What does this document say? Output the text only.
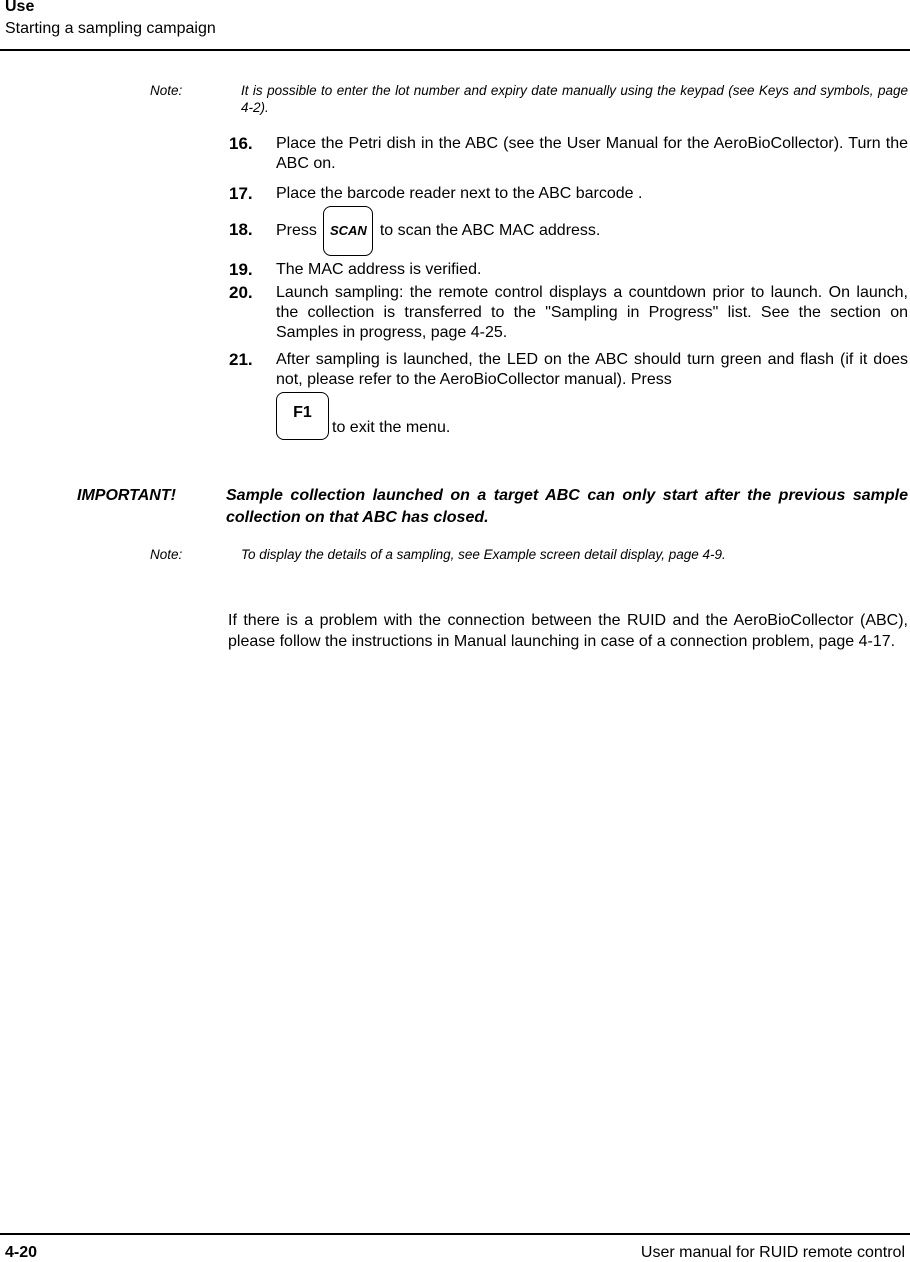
Use
Starting a sampling campaign
Note:	It is possible to enter the lot number and expiry date manually using the keypad (see Keys and symbols, page 4-2).
16. Place the Petri dish in the ABC (see the User Manual for the AeroBioCollector). Turn the ABC on.
17. Place the barcode reader next to the ABC barcode .
18. Press SCAN to scan the ABC MAC address.
19. The MAC address is verified.
20. Launch sampling: the remote control displays a countdown prior to launch. On launch, the collection is transferred to the "Sampling in Progress" list. See the section on Samples in progress, page 4-25.
21. After sampling is launched, the LED on the ABC should turn green and flash (if it does not, please refer to the AeroBioCollector manual). Press
F1to exit the menu.
IMPORTANT!	Sample collection launched on a target ABC can only start after the previous sample collection on that ABC has closed.
Note:	To display the details of a sampling, see Example screen detail display, page 4-9.
If there is a problem with the connection between the RUID and the AeroBioCollector (ABC), please follow the instructions in Manual launching in case of a connection problem, page 4-17.
4-20	User manual for RUID remote control
